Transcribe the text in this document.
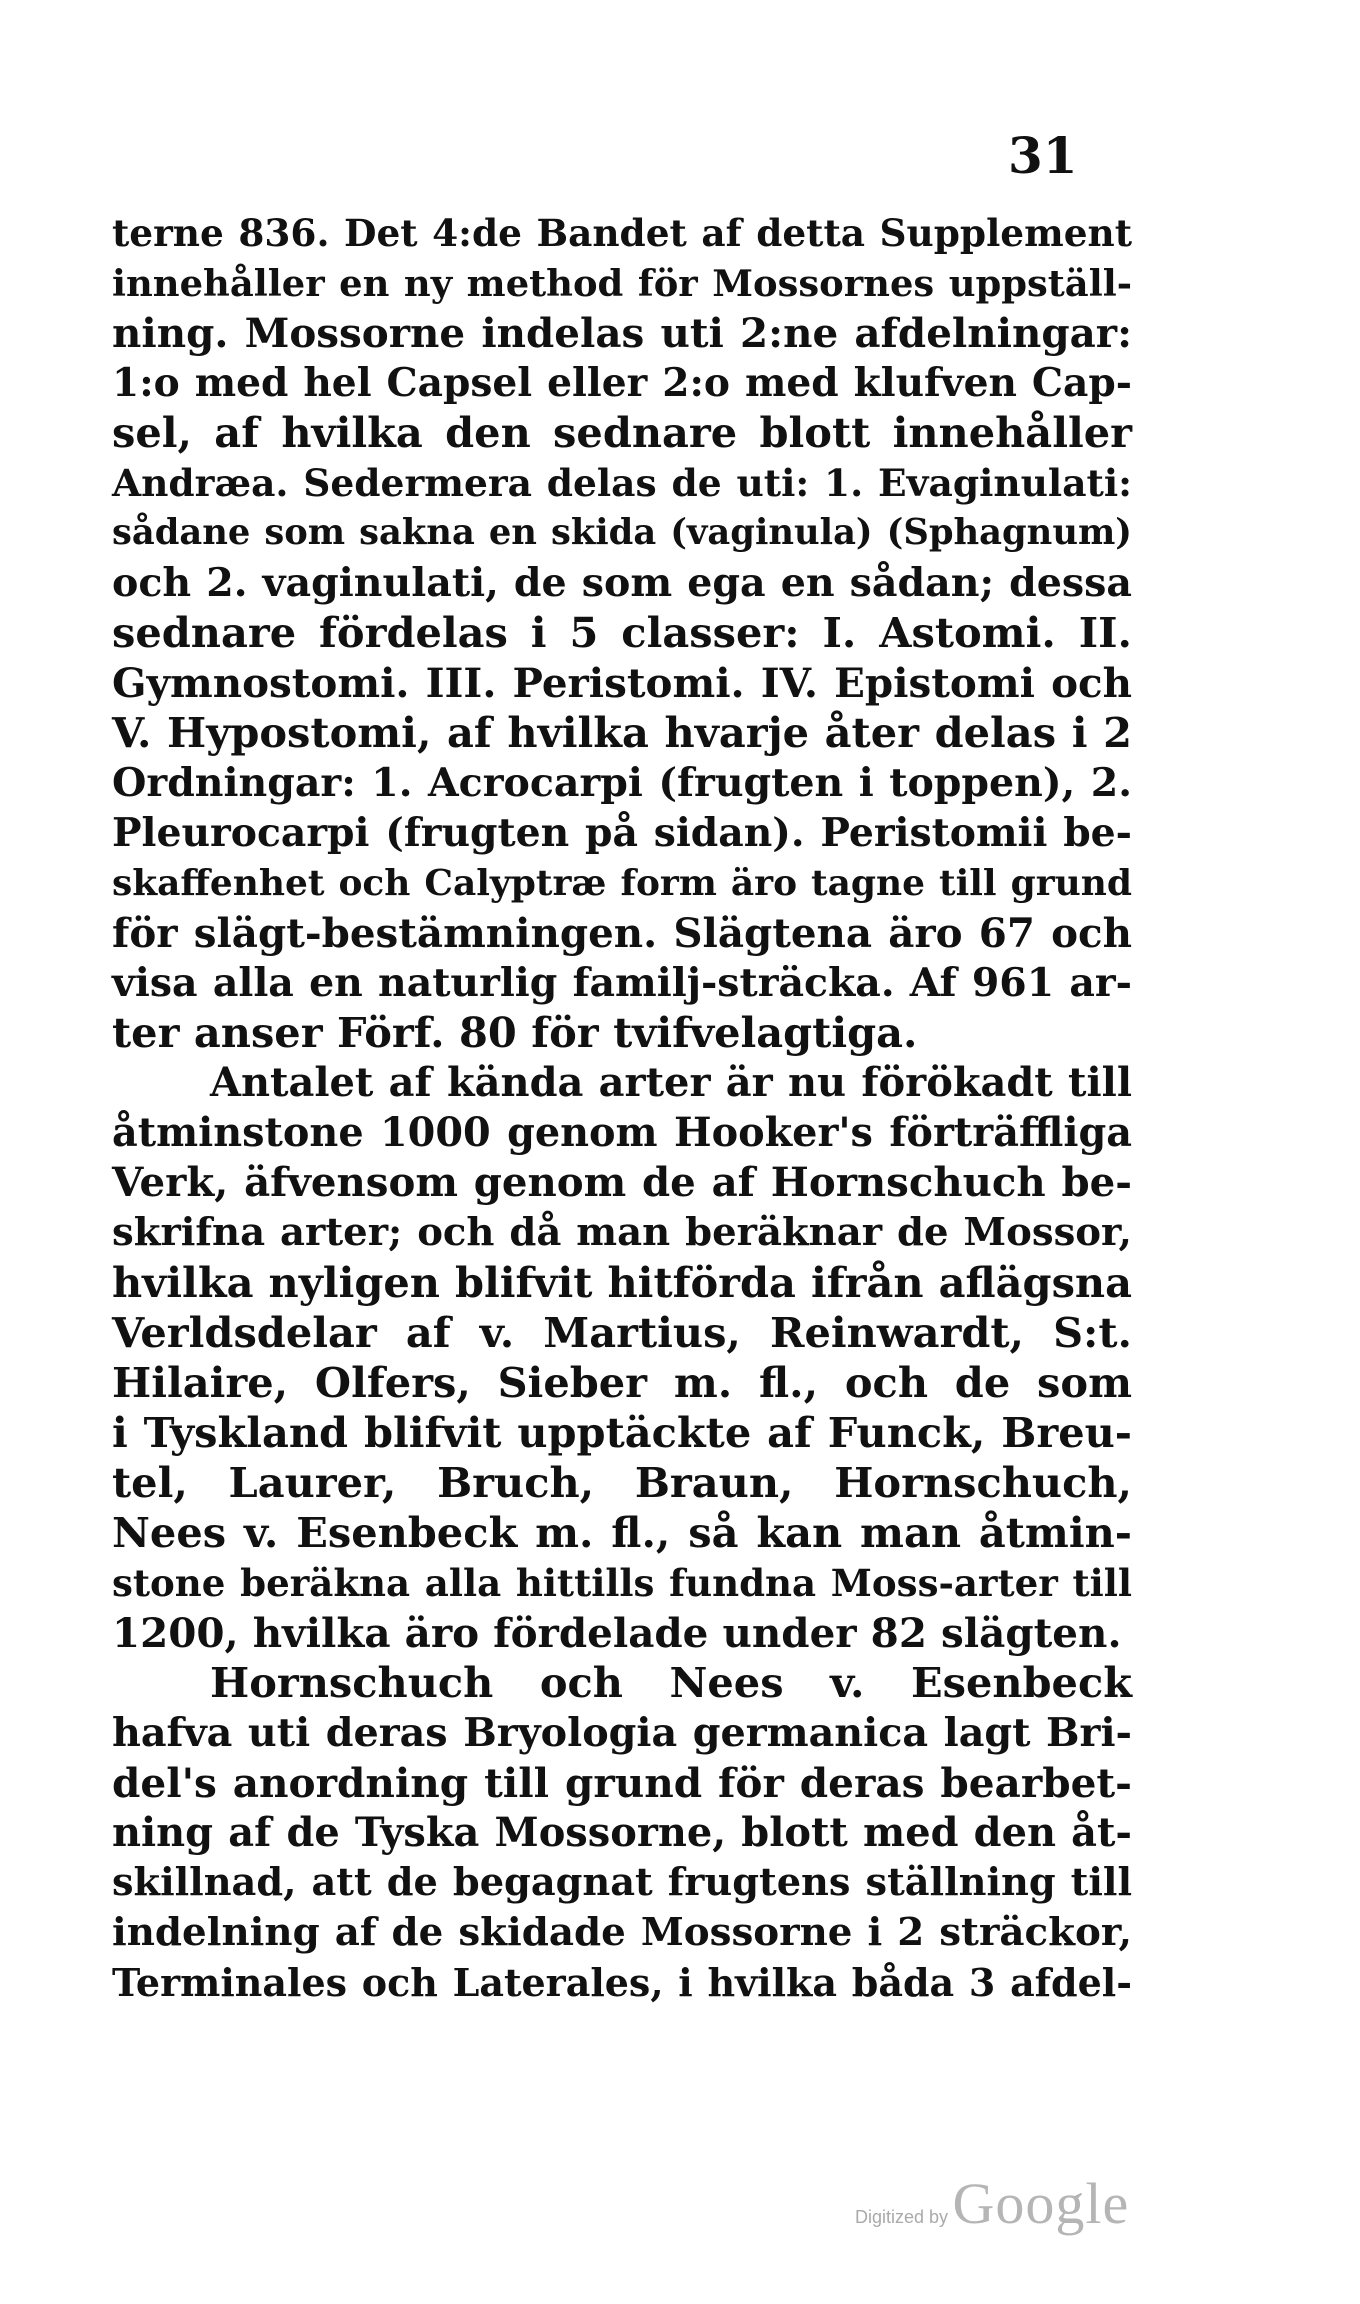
31
terne 836. Det 4:de Bandet af detta Supplement
innehåller en ny method för Mossornes uppställ-
ning. Mossorne indelas uti 2:ne afdelningar:
1:o med hel Capsel eller 2:o med klufven Cap-
sel, af hvilka den sednare blott innehåller
Andræa. Sedermera delas de uti: 1. Evaginulati:
sådane som sakna en skida (vaginula) (Sphagnum)
och 2. vaginulati, de som ega en sådan; dessa
sednare fördelas i 5 classer: I. Astomi. II.
Gymnostomi. III. Peristomi. IV. Epistomi och
V. Hypostomi, af hvilka hvarje åter delas i 2
Ordningar: 1. Acrocarpi (frugten i toppen), 2.
Pleurocarpi (frugten på sidan). Peristomii be-
skaffenhet och Calyptræ form äro tagne till grund
för slägt-bestämningen. Slägtena äro 67 och
visa alla en naturlig familj-sträcka. Af 961 ar-
ter anser Förf. 80 för tvifvelagtiga.
Antalet af kända arter är nu förökadt till
åtminstone 1000 genom Hooker's förträffliga
Verk, äfvensom genom de af Hornschuch be-
skrifna arter; och då man beräknar de Mossor,
hvilka nyligen blifvit hitförda ifrån aflägsna
Verldsdelar af v. Martius, Reinwardt, S:t.
Hilaire, Olfers, Sieber m. fl., och de som
i Tyskland blifvit upptäckte af Funck, Breu-
tel, Laurer, Bruch, Braun, Hornschuch,
Nees v. Esenbeck m. fl., så kan man åtmin-
stone beräkna alla hittills fundna Moss-arter till
1200, hvilka äro fördelade under 82 slägten.
Hornschuch och Nees v. Esenbeck
hafva uti deras Bryologia germanica lagt Bri-
del's anordning till grund för deras bearbet-
ning af de Tyska Mossorne, blott med den åt-
skillnad, att de begagnat frugtens ställning till
indelning af de skidade Mossorne i 2 sträckor,
Terminales och Laterales, i hvilka båda 3 afdel-
Digitized by Google
